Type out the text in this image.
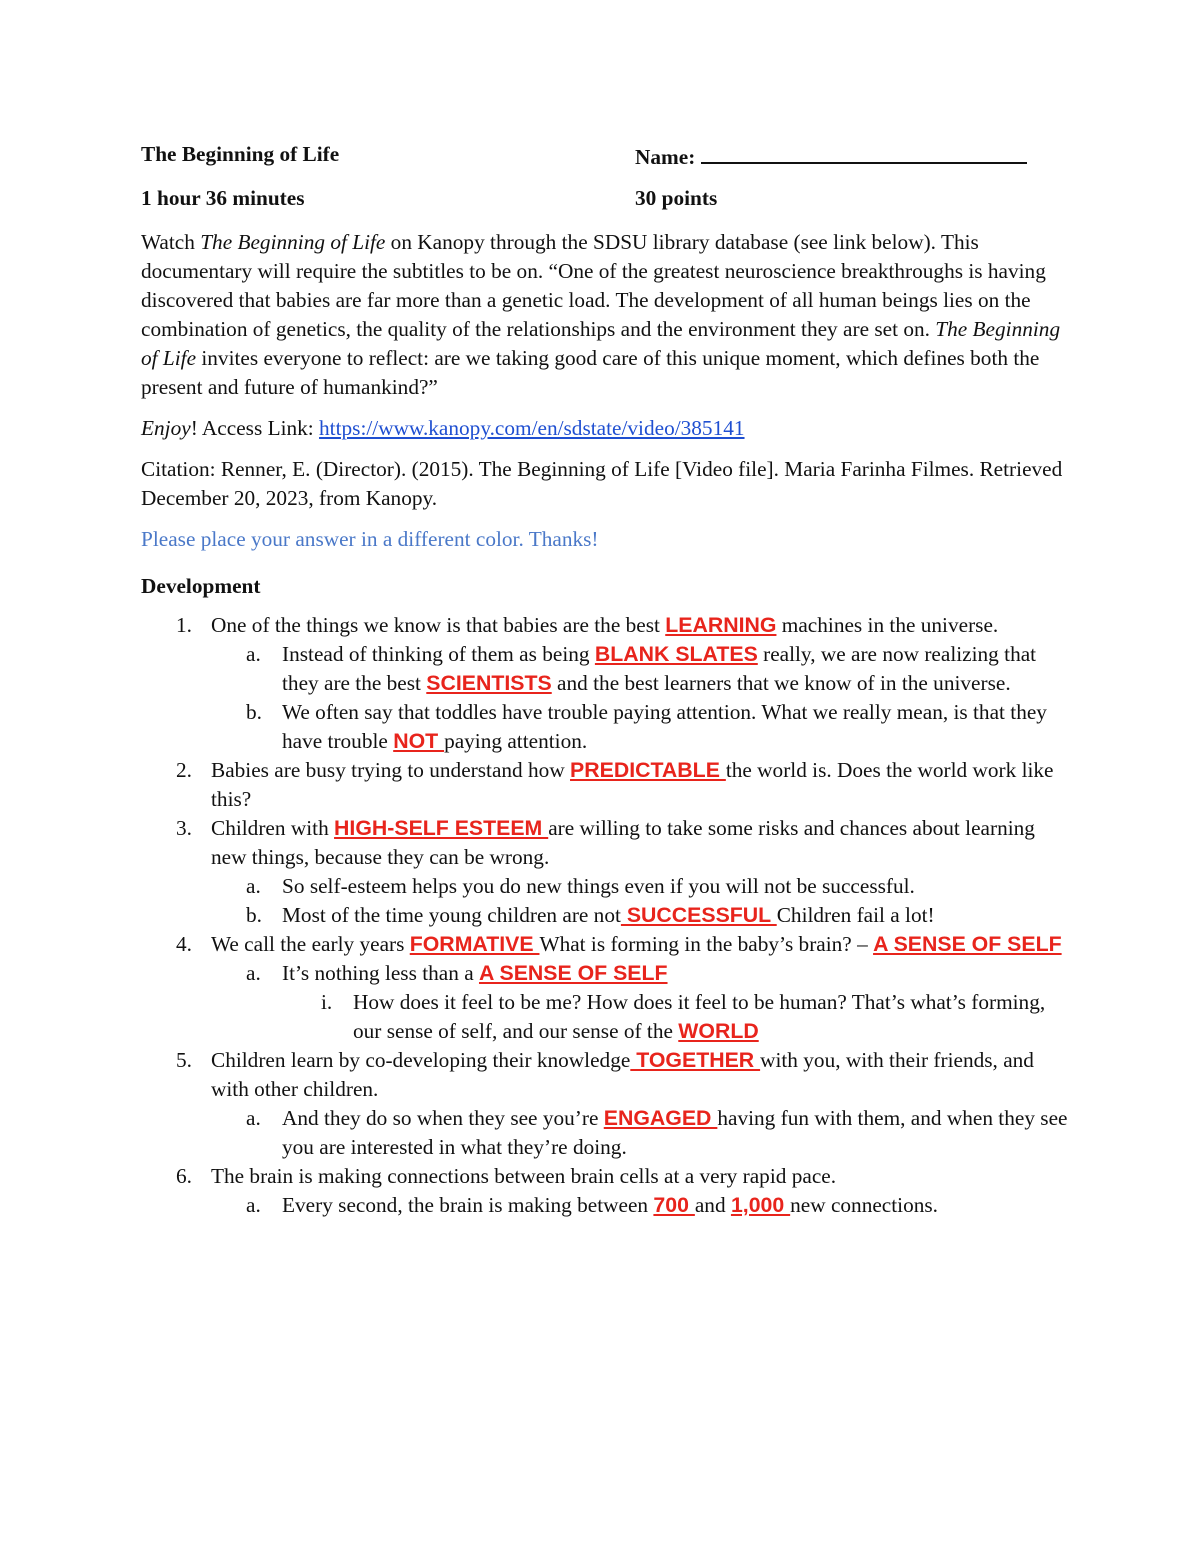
The Beginning of Life	Name:
1 hour 36 minutes	30 points

Watch The Beginning of Life on Kanopy through the SDSU library database (see link below). This documentary will require the subtitles to be on. “One of the greatest neuroscience breakthroughs is having discovered that babies are far more than a genetic load. The development of all human beings lies on the combination of genetics, the quality of the relationships and the environment they are set on. The Beginning of Life invites everyone to reflect: are we taking good care of this unique moment, which defines both the present and future of humankind?”

Enjoy! Access Link: https://www.kanopy.com/en/sdstate/video/385141

Citation: Renner, E. (Director). (2015). The Beginning of Life [Video file]. Maria Farinha Filmes. Retrieved December 20, 2023, from Kanopy.

Please place your answer in a different color. Thanks!

Development
1. One of the things we know is that babies are the best LEARNING machines in the universe.
a. Instead of thinking of them as being BLANK SLATES really, we are now realizing that they are the best SCIENTISTS and the best learners that we know of in the universe.
b. We often say that toddles have trouble paying attention. What we really mean, is that they have trouble NOT paying attention.
2. Babies are busy trying to understand how PREDICTABLE the world is. Does the world work like this?
3. Children with HIGH-SELF ESTEEM are willing to take some risks and chances about learning new things, because they can be wrong.
a. So self-esteem helps you do new things even if you will not be successful.
b. Most of the time young children are not SUCCESSFUL Children fail a lot!
4. We call the early years FORMATIVE What is forming in the baby’s brain? – A SENSE OF SELF
a. It’s nothing less than a A SENSE OF SELF
i. How does it feel to be me? How does it feel to be human? That’s what’s forming, our sense of self, and our sense of the WORLD
5. Children learn by co-developing their knowledge TOGETHER with you, with their friends, and with other children.
a. And they do so when they see you’re ENGAGED having fun with them, and when they see you are interested in what they’re doing.
6. The brain is making connections between brain cells at a very rapid pace.
a. Every second, the brain is making between 700 and 1,000 new connections.
